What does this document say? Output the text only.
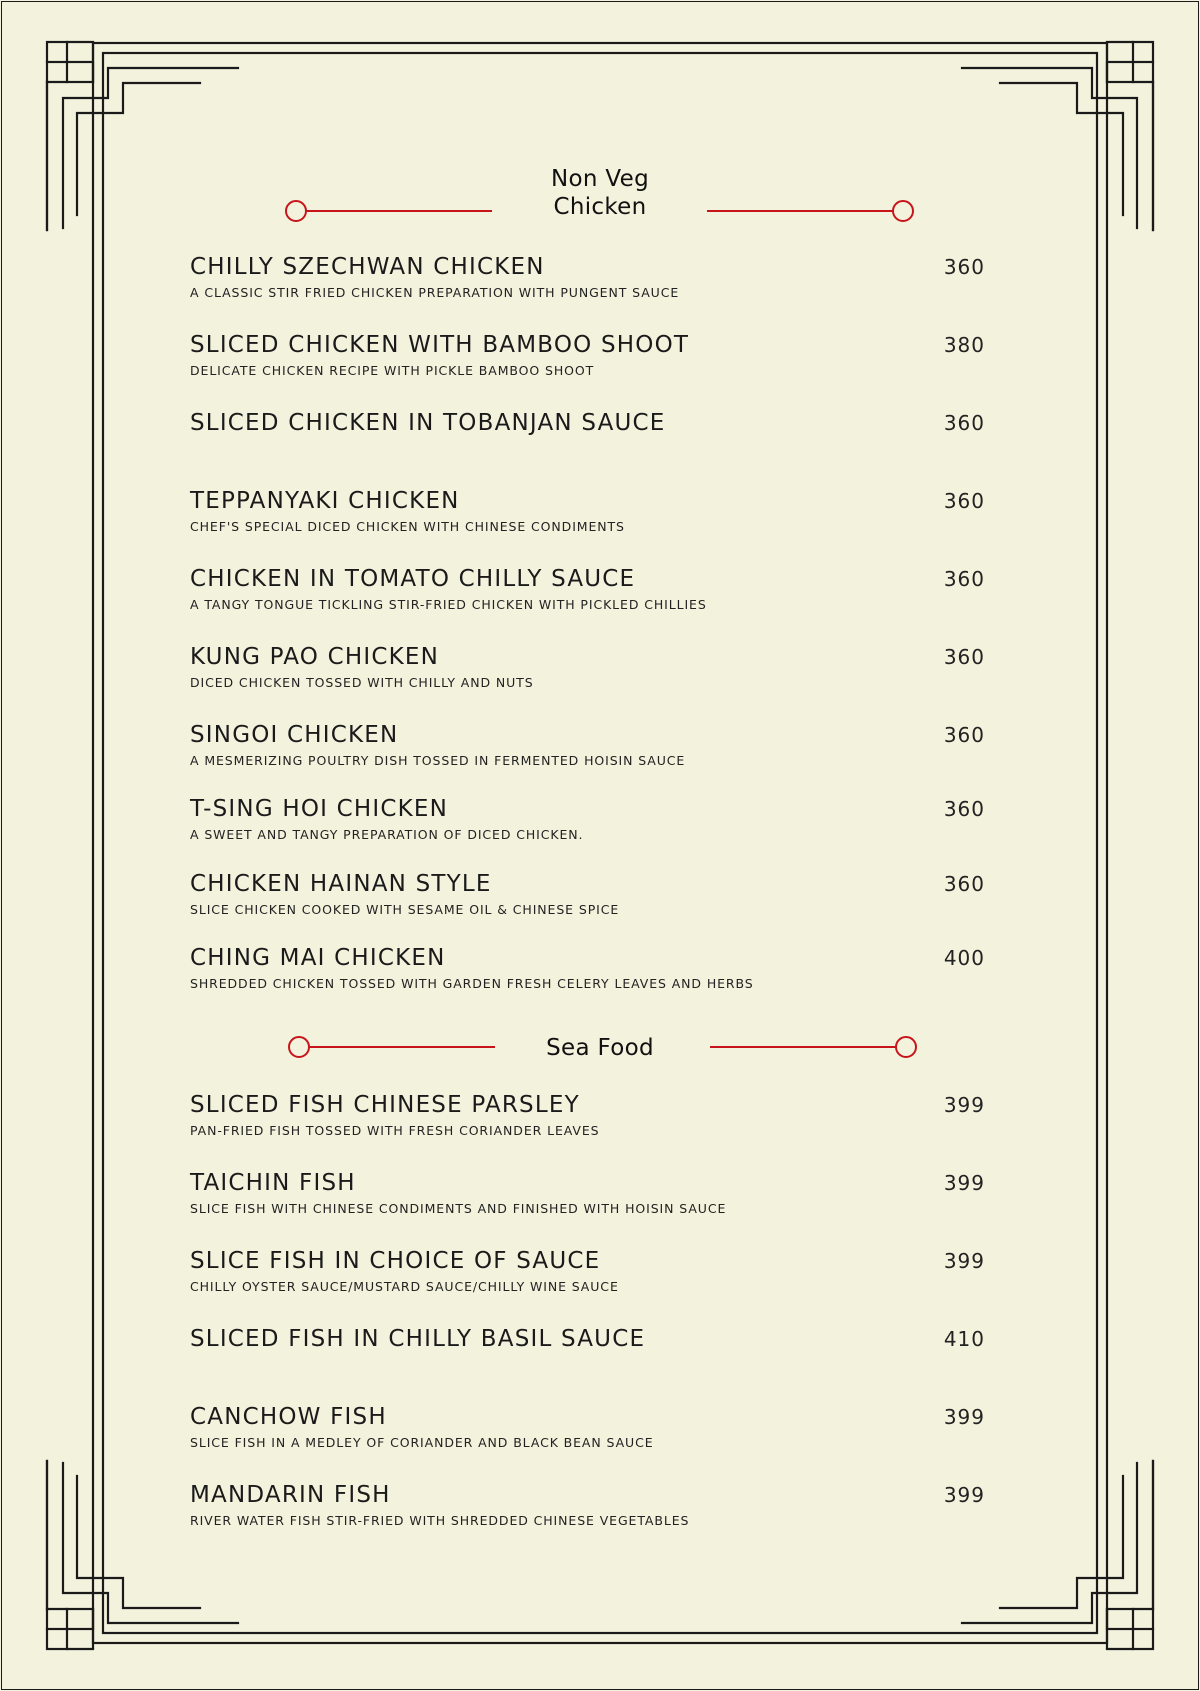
Non Veg
Chicken
CHILLY SZECHWAN CHICKEN
A CLASSIC STIR FRIED CHICKEN PREPARATION WITH PUNGENT SAUCE
360
SLICED CHICKEN WITH BAMBOO SHOOT
DELICATE CHICKEN RECIPE WITH PICKLE BAMBOO SHOOT
380
SLICED CHICKEN IN TOBANJAN SAUCE	360
TEPPANYAKI CHICKEN
CHEF'S SPECIAL DICED CHICKEN WITH CHINESE CONDIMENTS
360
CHICKEN IN TOMATO CHILLY SAUCE
A TANGY TONGUE TICKLING STIR-FRIED CHICKEN WITH PICKLED CHILLIES
360
KUNG PAO CHICKEN
DICED CHICKEN TOSSED WITH CHILLY AND NUTS
360
SINGOI CHICKEN
A MESMERIZING POULTRY DISH TOSSED IN FERMENTED HOISIN SAUCE
360
T-SING HOI CHICKEN
A SWEET AND TANGY PREPARATION OF DICED CHICKEN.
360
CHICKEN HAINAN STYLE
SLICE CHICKEN COOKED WITH SESAME OIL & CHINESE SPICE
360
CHING MAI CHICKEN
SHREDDED CHICKEN TOSSED WITH GARDEN FRESH CELERY LEAVES AND HERBS
400
Sea Food
SLICED FISH CHINESE PARSLEY
PAN-FRIED FISH TOSSED WITH FRESH CORIANDER LEAVES
399
TAICHIN FISH
SLICE FISH WITH CHINESE CONDIMENTS AND FINISHED WITH HOISIN SAUCE
399
SLICE FISH IN CHOICE OF SAUCE
CHILLY OYSTER SAUCE/MUSTARD SAUCE/CHILLY WINE SAUCE
399
SLICED FISH IN CHILLY BASIL SAUCE	410
CANCHOW FISH
SLICE FISH IN A MEDLEY OF CORIANDER AND BLACK BEAN SAUCE
399
MANDARIN FISH
RIVER WATER FISH STIR-FRIED WITH SHREDDED CHINESE VEGETABLES
399
